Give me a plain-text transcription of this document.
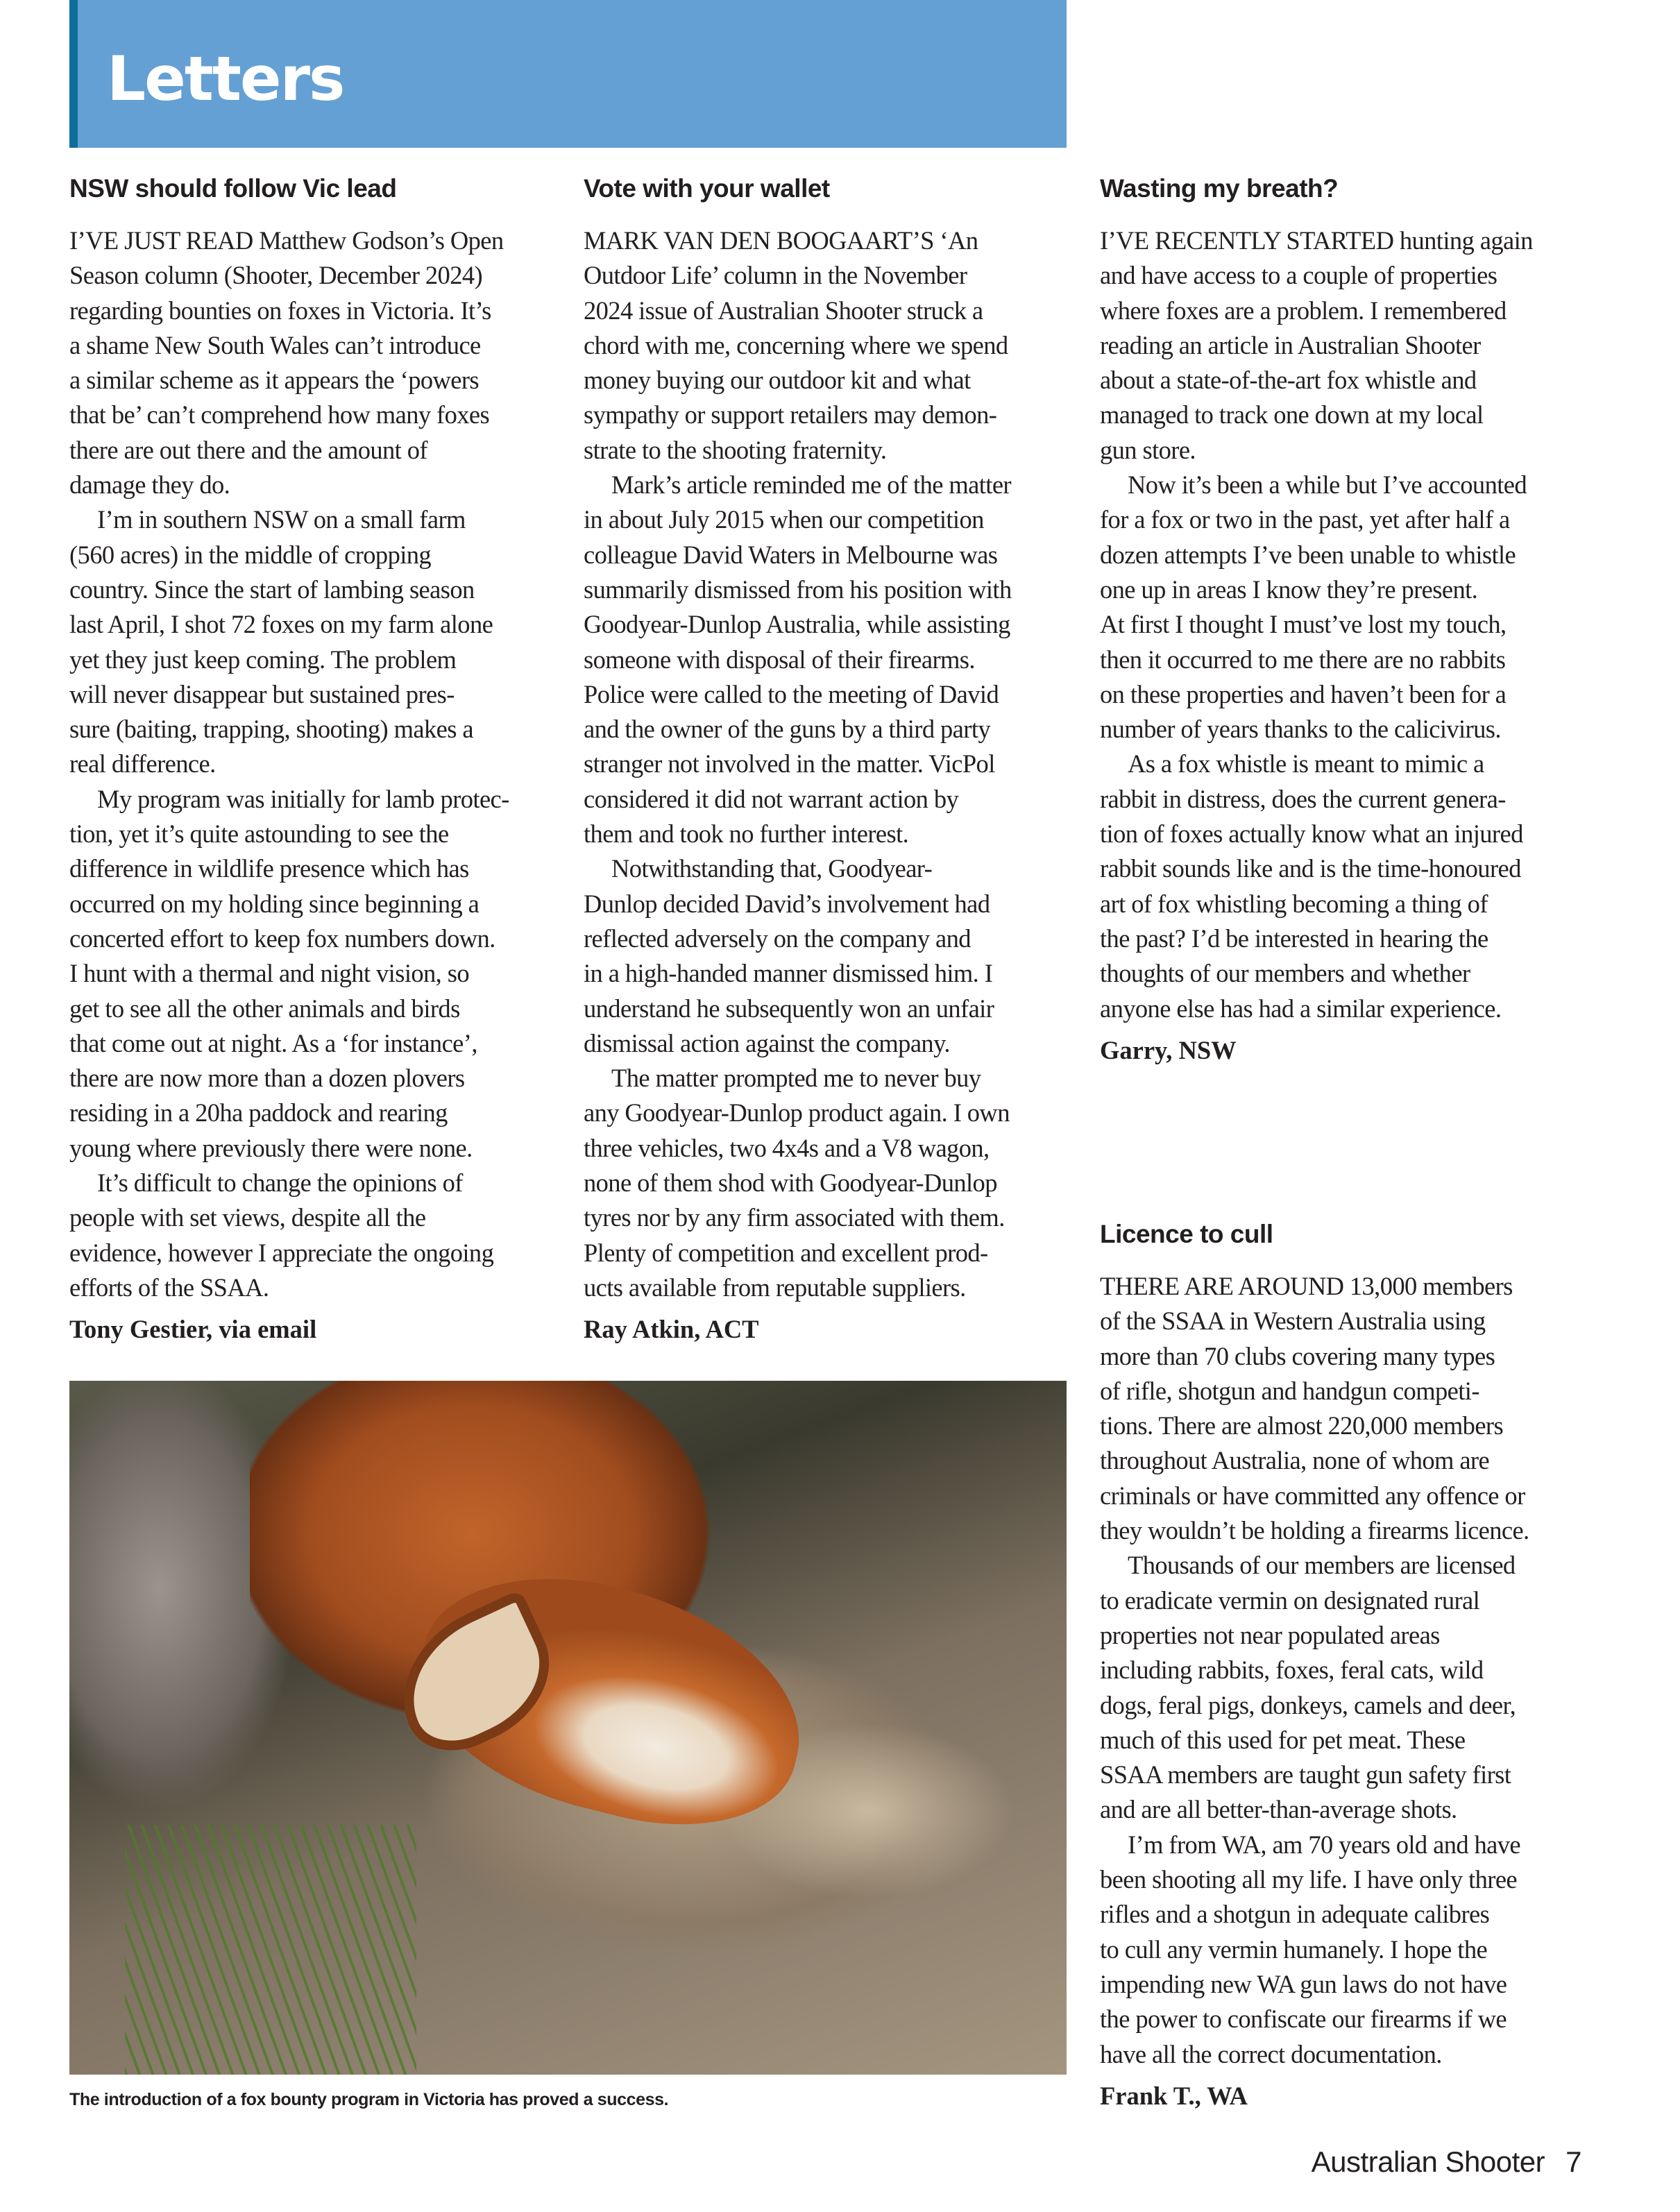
Letters
NSW should follow Vic lead
I’VE JUST READ Matthew Godson’s Open
Season column (Shooter, December 2024)
regarding bounties on foxes in Victoria. It’s
a shame New South Wales can’t introduce
a similar scheme as it appears the ‘powers
that be’ can’t comprehend how many foxes
there are out there and the amount of
damage they do.
I’m in southern NSW on a small farm
(560 acres) in the middle of cropping
country. Since the start of lambing season
last April, I shot 72 foxes on my farm alone
yet they just keep coming. The problem
will never disappear but sustained pres-
sure (baiting, trapping, shooting) makes a
real difference.
My program was initially for lamb protec-
tion, yet it’s quite astounding to see the
difference in wildlife presence which has
occurred on my holding since beginning a
concerted effort to keep fox numbers down.
I hunt with a thermal and night vision, so
get to see all the other animals and birds
that come out at night. As a ‘for instance’,
there are now more than a dozen plovers
residing in a 20ha paddock and rearing
young where previously there were none.
It’s difficult to change the opinions of
people with set views, despite all the
evidence, however I appreciate the ongoing
efforts of the SSAA.
Tony Gestier, via email
Vote with your wallet
MARK VAN DEN BOOGAART’S ‘An
Outdoor Life’ column in the November
2024 issue of Australian Shooter struck a
chord with me, concerning where we spend
money buying our outdoor kit and what
sympathy or support retailers may demon-
strate to the shooting fraternity.
Mark’s article reminded me of the matter
in about July 2015 when our competition
colleague David Waters in Melbourne was
summarily dismissed from his position with
Goodyear-Dunlop Australia, while assisting
someone with disposal of their firearms.
Police were called to the meeting of David
and the owner of the guns by a third party
stranger not involved in the matter. VicPol
considered it did not warrant action by
them and took no further interest.
Notwithstanding that, Goodyear-
Dunlop decided David’s involvement had
reflected adversely on the company and
in a high-handed manner dismissed him. I
understand he subsequently won an unfair
dismissal action against the company.
The matter prompted me to never buy
any Goodyear-Dunlop product again. I own
three vehicles, two 4x4s and a V8 wagon,
none of them shod with Goodyear-Dunlop
tyres nor by any firm associated with them.
Plenty of competition and excellent prod-
ucts available from reputable suppliers.
Ray Atkin, ACT
Wasting my breath?
I’VE RECENTLY STARTED hunting again
and have access to a couple of properties
where foxes are a problem. I remembered
reading an article in Australian Shooter
about a state-of-the-art fox whistle and
managed to track one down at my local
gun store.
Now it’s been a while but I’ve accounted
for a fox or two in the past, yet after half a
dozen attempts I’ve been unable to whistle
one up in areas I know they’re present.
At first I thought I must’ve lost my touch,
then it occurred to me there are no rabbits
on these properties and haven’t been for a
number of years thanks to the calicivirus.
As a fox whistle is meant to mimic a
rabbit in distress, does the current genera-
tion of foxes actually know what an injured
rabbit sounds like and is the time-honoured
art of fox whistling becoming a thing of
the past? I’d be interested in hearing the
thoughts of our members and whether
anyone else has had a similar experience.
Garry, NSW
Licence to cull
THERE ARE AROUND 13,000 members
of the SSAA in Western Australia using
more than 70 clubs covering many types
of rifle, shotgun and handgun competi-
tions. There are almost 220,000 members
throughout Australia, none of whom are
criminals or have committed any offence or
they wouldn’t be holding a firearms licence.
Thousands of our members are licensed
to eradicate vermin on designated rural
properties not near populated areas
including rabbits, foxes, feral cats, wild
dogs, feral pigs, donkeys, camels and deer,
much of this used for pet meat. These
SSAA members are taught gun safety first
and are all better-than-average shots.
I’m from WA, am 70 years old and have
been shooting all my life. I have only three
rifles and a shotgun in adequate calibres
to cull any vermin humanely. I hope the
impending new WA gun laws do not have
the power to confiscate our firearms if we
have all the correct documentation.
Frank T., WA
The introduction of a fox bounty program in Victoria has proved a success.
Australian Shooter 7
